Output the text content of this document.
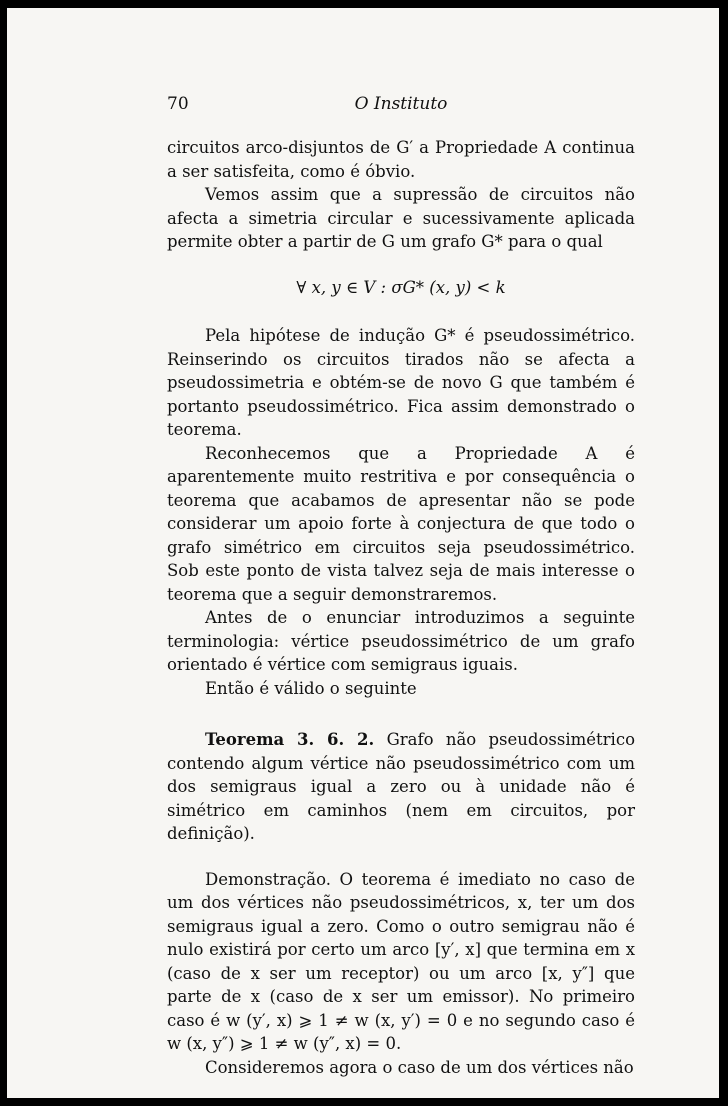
70	O Instituto

circuitos arco-disjuntos de G′ a Propriedade A continua a ser satisfeita, como é óbvio.

Vemos assim que a supressão de circuitos não afecta a simetria circular e sucessivamente aplicada permite obter a partir de G um grafo G* para o qual

∀ x, y ∈ V : σG* (x, y) < k

Pela hipótese de indução G* é pseudossimétrico. Reinserindo os circuitos tirados não se afecta a pseudossimetria e obtém-se de novo G que também é portanto pseudossimétrico. Fica assim demonstrado o teorema.

Reconhecemos que a Propriedade A é aparentemente muito restritiva e por consequência o teorema que acabamos de apresentar não se pode considerar um apoio forte à conjectura de que todo o grafo simétrico em circuitos seja pseudossimétrico. Sob este ponto de vista talvez seja de mais interesse o teorema que a seguir demonstraremos.

Antes de o enunciar introduzimos a seguinte terminologia: vértice pseudossimétrico de um grafo orientado é vértice com semigraus iguais.

Então é válido o seguinte

Teorema 3. 6. 2. Grafo não pseudossimétrico contendo algum vértice não pseudossimétrico com um dos semigraus igual a zero ou à unidade não é simétrico em caminhos (nem em circuitos, por definição).

Demonstração. O teorema é imediato no caso de um dos vértices não pseudossimétricos, x, ter um dos semigraus igual a zero. Como o outro semigrau não é nulo existirá por certo um arco [y′, x] que termina em x (caso de x ser um receptor) ou um arco [x, y″] que parte de x (caso de x ser um emissor). No primeiro caso é w (y′, x) ⩾ 1 ≠ w (x, y′) = 0 e no segundo caso é w (x, y″) ⩾ 1 ≠ w (y″, x) = 0.

Consideremos agora o caso de um dos vértices não
